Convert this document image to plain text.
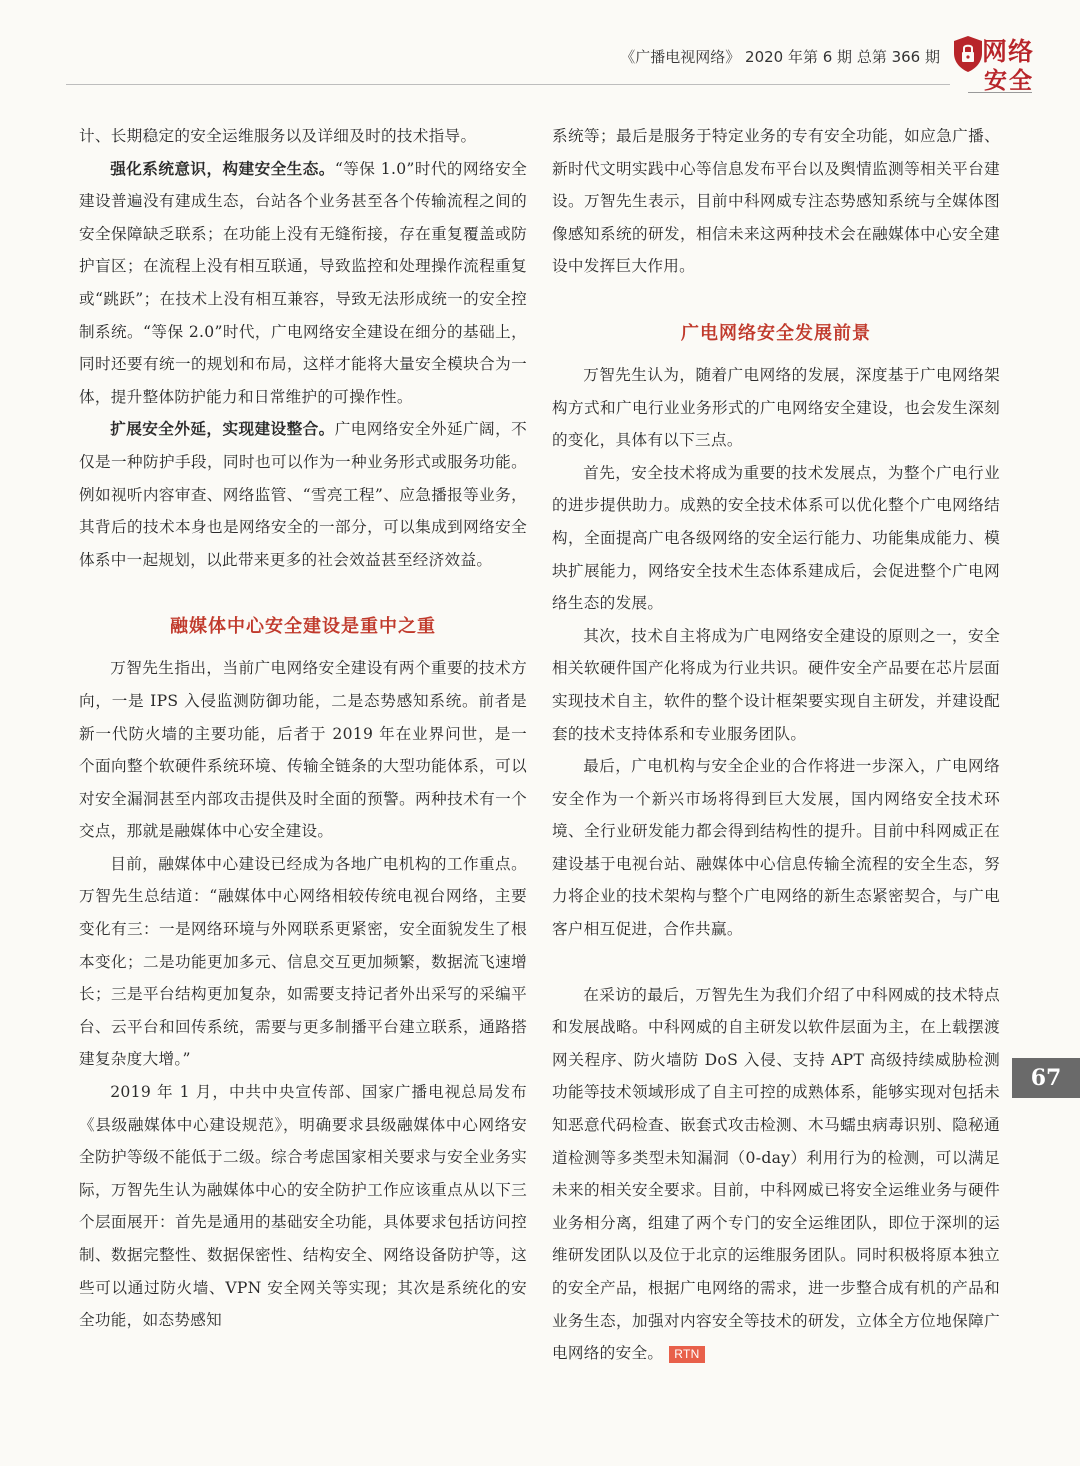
《广播电视网络》 2020 年第 6 期 总第 366 期 网络
安全

计、长期稳定的安全运维服务以及详细及时的技术指导。

强化系统意识，构建安全生态。“等保 1.0”时代的网络安全建设普遍没有建成生态，台站各个业务甚至各个传输流程之间的安全保障缺乏联系；在功能上没有无缝衔接，存在重复覆盖或防护盲区；在流程上没有相互联通，导致监控和处理操作流程重复或“跳跃”；在技术上没有相互兼容，导致无法形成统一的安全控制系统。“等保 2.0”时代，广电网络安全建设在细分的基础上，同时还要有统一的规划和布局，这样才能将大量安全模块合为一体，提升整体防护能力和日常维护的可操作性。

扩展安全外延，实现建设整合。广电网络安全外延广阔，不仅是一种防护手段，同时也可以作为一种业务形式或服务功能。例如视听内容审查、网络监管、“雪亮工程”、应急播报等业务，其背后的技术本身也是网络安全的一部分，可以集成到网络安全体系中一起规划，以此带来更多的社会效益甚至经济效益。

融媒体中心安全建设是重中之重

万智先生指出，当前广电网络安全建设有两个重要的技术方向，一是 IPS 入侵监测防御功能，二是态势感知系统。前者是新一代防火墙的主要功能，后者于 2019 年在业界问世，是一个面向整个软硬件系统环境、传输全链条的大型功能体系，可以对安全漏洞甚至内部攻击提供及时全面的预警。两种技术有一个交点，那就是融媒体中心安全建设。

目前，融媒体中心建设已经成为各地广电机构的工作重点。万智先生总结道：“融媒体中心网络相较传统电视台网络，主要变化有三：一是网络环境与外网联系更紧密，安全面貌发生了根本变化；二是功能更加多元、信息交互更加频繁，数据流飞速增长；三是平台结构更加复杂，如需要支持记者外出采写的采编平台、云平台和回传系统，需要与更多制播平台建立联系，通路搭建复杂度大增。”

2019 年 1 月，中共中央宣传部、国家广播电视总局发布《县级融媒体中心建设规范》，明确要求县级融媒体中心网络安全防护等级不能低于二级。综合考虑国家相关要求与安全业务实际，万智先生认为融媒体中心的安全防护工作应该重点从以下三个层面展开：首先是通用的基础安全功能，具体要求包括访问控制、数据完整性、数据保密性、结构安全、网络设备防护等，这些可以通过防火墙、VPN 安全网关等实现；其次是系统化的安全功能，如态势感知

系统等；最后是服务于特定业务的专有安全功能，如应急广播、新时代文明实践中心等信息发布平台以及舆情监测等相关平台建设。万智先生表示，目前中科网威专注态势感知系统与全媒体图像感知系统的研发，相信未来这两种技术会在融媒体中心安全建设中发挥巨大作用。

广电网络安全发展前景

万智先生认为，随着广电网络的发展，深度基于广电网络架构方式和广电行业业务形式的广电网络安全建设，也会发生深刻的变化，具体有以下三点。

首先，安全技术将成为重要的技术发展点，为整个广电行业的进步提供助力。成熟的安全技术体系可以优化整个广电网络结构，全面提高广电各级网络的安全运行能力、功能集成能力、模块扩展能力，网络安全技术生态体系建成后，会促进整个广电网络生态的发展。

其次，技术自主将成为广电网络安全建设的原则之一，安全相关软硬件国产化将成为行业共识。硬件安全产品要在芯片层面实现技术自主，软件的整个设计框架要实现自主研发，并建设配套的技术支持体系和专业服务团队。

最后，广电机构与安全企业的合作将进一步深入，广电网络安全作为一个新兴市场将得到巨大发展，国内网络安全技术环境、全行业研发能力都会得到结构性的提升。目前中科网威正在建设基于电视台站、融媒体中心信息传输全流程的安全生态，努力将企业的技术架构与整个广电网络的新生态紧密契合，与广电客户相互促进，合作共赢。

在采访的最后，万智先生为我们介绍了中科网威的技术特点和发展战略。中科网威的自主研发以软件层面为主，在上载摆渡网关程序、防火墙防 DoS 入侵、支持 APT 高级持续威胁检测功能等技术领域形成了自主可控的成熟体系，能够实现对包括未知恶意代码检查、嵌套式攻击检测、木马蠕虫病毒识别、隐秘通道检测等多类型未知漏洞（0-day）利用行为的检测，可以满足未来的相关安全要求。目前，中科网威已将安全运维业务与硬件业务相分离，组建了两个专门的安全运维团队，即位于深圳的运维研发团队以及位于北京的运维服务团队。同时积极将原本独立的安全产品，根据广电网络的需求，进一步整合成有机的产品和业务生态，加强对内容安全等技术的研发，立体全方位地保障广电网络的安全。 RTN

67
